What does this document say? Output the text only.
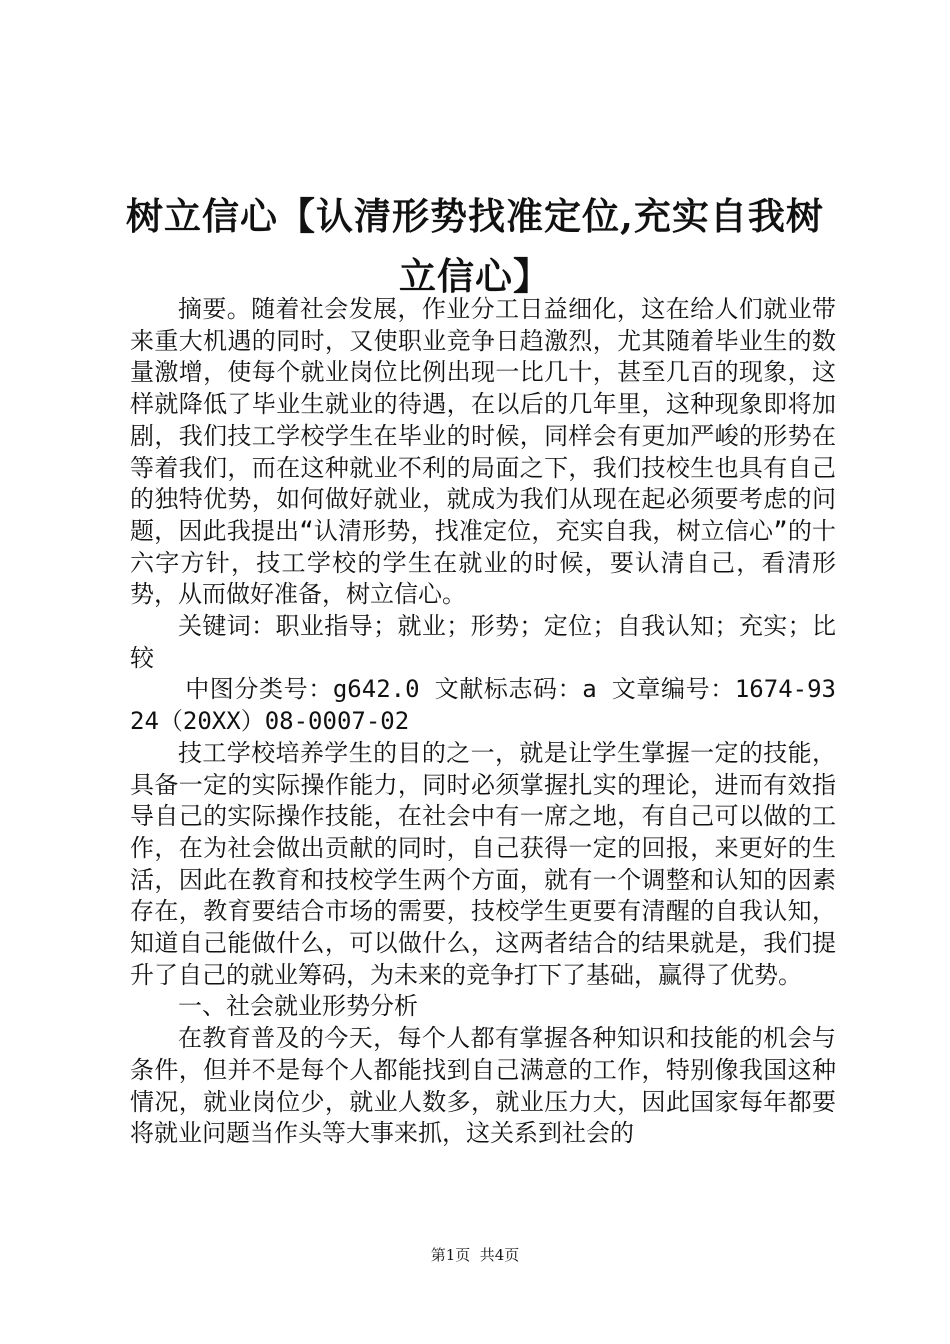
树立信心【认清形势找准定位,充实自我树立信心】

摘要。随着社会发展，作业分工日益细化，这在给人们就业带来重大机遇的同时，又使职业竞争日趋激烈，尤其随着毕业生的数量激增，使每个就业岗位比例出现一比几十，甚至几百的现象，这样就降低了毕业生就业的待遇，在以后的几年里，这种现象即将加剧，我们技工学校学生在毕业的时候，同样会有更加严峻的形势在等着我们，而在这种就业不利的局面之下，我们技校生也具有自己的独特优势，如何做好就业，就成为我们从现在起必须要考虑的问题，因此我提出“认清形势，找准定位，充实自我，树立信心”的十六字方针，技工学校的学生在就业的时候，要认清自己，看清形势，从而做好准备，树立信心。

关键词：职业指导；就业；形势；定位；自我认知；充实；比较

中图分类号：g642.0 文献标志码：a 文章编号：1674-9324（20XX）08-0007-02

技工学校培养学生的目的之一，就是让学生掌握一定的技能，具备一定的实际操作能力，同时必须掌握扎实的理论，进而有效指导自己的实际操作技能，在社会中有一席之地，有自己可以做的工作，在为社会做出贡献的同时，自己获得一定的回报，来更好的生活，因此在教育和技校学生两个方面，就有一个调整和认知的因素存在，教育要结合市场的需要，技校学生更要有清醒的自我认知，知道自己能做什么，可以做什么，这两者结合的结果就是，我们提升了自己的就业筹码，为未来的竞争打下了基础，赢得了优势。

一、社会就业形势分析

在教育普及的今天，每个人都有掌握各种知识和技能的机会与条件，但并不是每个人都能找到自己满意的工作，特别像我国这种情况，就业岗位少，就业人数多，就业压力大，因此国家每年都要将就业问题当作头等大事来抓，这关系到社会的

第1页  共4页
